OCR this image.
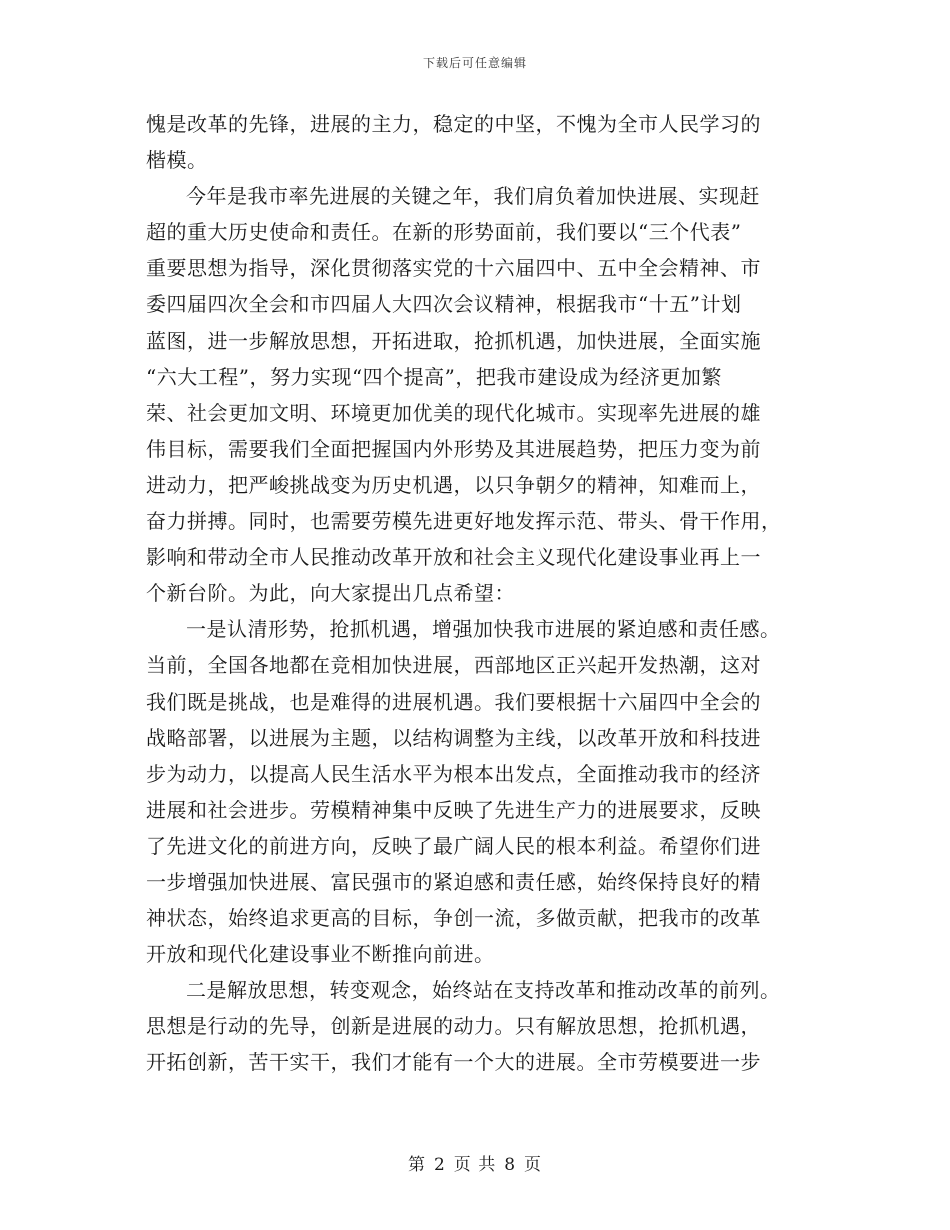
下载后可任意编辑
愧是改革的先锋，进展的主力，稳定的中坚，不愧为全市人民学习的
楷模。
今年是我市率先进展的关键之年，我们肩负着加快进展、实现赶
超的重大历史使命和责任。在新的形势面前，我们要以“三个代表”
重要思想为指导，深化贯彻落实党的十六届四中、五中全会精神、市
委四届四次全会和市四届人大四次会议精神，根据我市“十五”计划
蓝图，进一步解放思想，开拓进取，抢抓机遇，加快进展，全面实施
“六大工程”，努力实现“四个提高”，把我市建设成为经济更加繁
荣、社会更加文明、环境更加优美的现代化城市。实现率先进展的雄
伟目标，需要我们全面把握国内外形势及其进展趋势，把压力变为前
进动力，把严峻挑战变为历史机遇，以只争朝夕的精神，知难而上，
奋力拼搏。同时，也需要劳模先进更好地发挥示范、带头、骨干作用，
影响和带动全市人民推动改革开放和社会主义现代化建设事业再上一
个新台阶。为此，向大家提出几点希望：
一是认清形势，抢抓机遇，增强加快我市进展的紧迫感和责任感。
当前，全国各地都在竞相加快进展，西部地区正兴起开发热潮，这对
我们既是挑战，也是难得的进展机遇。我们要根据十六届四中全会的
战略部署，以进展为主题，以结构调整为主线，以改革开放和科技进
步为动力，以提高人民生活水平为根本出发点，全面推动我市的经济
进展和社会进步。劳模精神集中反映了先进生产力的进展要求，反映
了先进文化的前进方向，反映了最广阔人民的根本利益。希望你们进
一步增强加快进展、富民强市的紧迫感和责任感，始终保持良好的精
神状态，始终追求更高的目标，争创一流，多做贡献，把我市的改革
开放和现代化建设事业不断推向前进。
二是解放思想，转变观念，始终站在支持改革和推动改革的前列。
思想是行动的先导，创新是进展的动力。只有解放思想，抢抓机遇，
开拓创新，苦干实干，我们才能有一个大的进展。全市劳模要进一步
第 2 页 共 8 页
